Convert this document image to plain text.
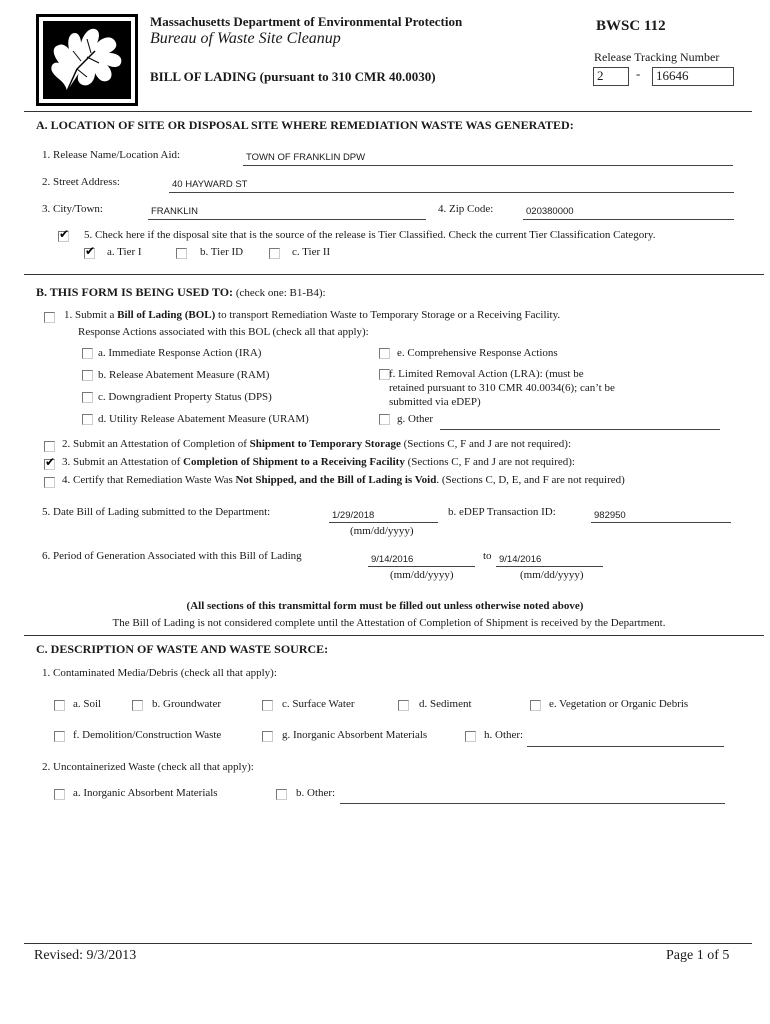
Massachusetts Department of Environmental Protection
Bureau of Waste Site Cleanup
BILL OF LADING (pursuant to 310 CMR 40.0030)
BWSC 112
Release Tracking Number
2	-	16646
A. LOCATION OF SITE OR DISPOSAL SITE WHERE REMEDIATION WASTE WAS GENERATED:
1. Release Name/Location Aid:	TOWN OF FRANKLIN DPW
2. Street Address:	40 HAYWARD ST
3. City/Town:	FRANKLIN	4. Zip Code:	020380000
✔ 5. Check here if the disposal site that is the source of the release is Tier Classified. Check the current Tier Classification Category.
✔ a. Tier I	b. Tier ID	c. Tier II
B. THIS FORM IS BEING USED TO: (check one: B1-B4):
1. Submit a Bill of Lading (BOL) to transport Remediation Waste to Temporary Storage or a Receiving Facility.
Response Actions associated with this BOL (check all that apply):
a. Immediate Response Action (IRA)
b. Release Abatement Measure (RAM)
c. Downgradient Property Status (DPS)
d. Utility Release Abatement Measure (URAM)
e. Comprehensive Response Actions
f. Limited Removal Action (LRA): (must be
retained pursuant to 310 CMR 40.0034(6); can’t be
submitted via eDEP)
g. Other
2. Submit an Attestation of Completion of Shipment to Temporary Storage (Sections C, F and J are not required):
✔ 3. Submit an Attestation of Completion of Shipment to a Receiving Facility (Sections C, F and J are not required):
4. Certify that Remediation Waste Was Not Shipped, and the Bill of Lading is Void. (Sections C, D, E, and F are not required)
5. Date Bill of Lading submitted to the Department:	1/29/2018
(mm/dd/yyyy)
b. eDEP Transaction ID:	982950
6. Period of Generation Associated with this Bill of Lading	9/14/2016
(mm/dd/yyyy)
to 9/14/2016
(mm/dd/yyyy)
(All sections of this transmittal form must be filled out unless otherwise noted above)
The Bill of Lading is not considered complete until the Attestation of Completion of Shipment is received by the Department.
C. DESCRIPTION OF WASTE AND WASTE SOURCE:
1. Contaminated Media/Debris (check all that apply):
a. Soil	b. Groundwater	c. Surface Water	d. Sediment	e. Vegetation or Organic Debris
f. Demolition/Construction Waste	g. Inorganic Absorbent Materials	h. Other:
2. Uncontainerized Waste (check all that apply):
a. Inorganic Absorbent Materials	b. Other:
Revised: 9/3/2013	Page 1 of 5
